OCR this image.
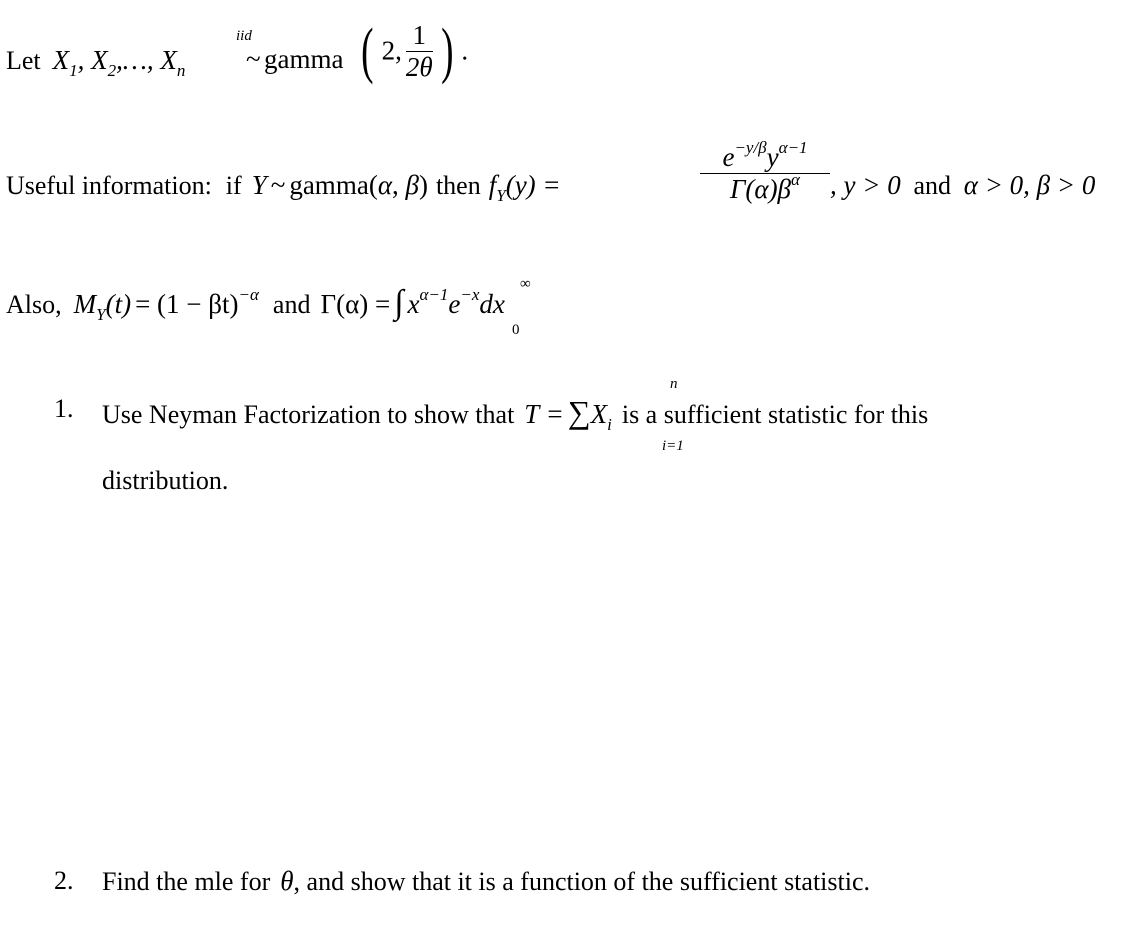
Let $X_1$, $X_2,\dots$, $X_n$
iid
~ gamma ( 2, $\frac{1}{2\theta}$ ) .
Useful information: if Y ~ gamma(α, β) then $f_Y(y)$ =
$e^{-y/\beta}y^{\alpha-1}$
$\Gamma(\alpha)\beta^\alpha$	, y > 0 and α > 0, β > 0
Also, $M_Y(t) = (1 - \beta t)-\alpha$ and Γ(α) = ∫ $x^{\alpha-1}e^{-x}dx$
∞
0
1. Use Neyman Factorization to show that $T = \sum X_i$ is a sufficient statistic for this
n
i=1
distribution.
2. Find the mle for θ, and show that it is a function of the sufficient statistic.
